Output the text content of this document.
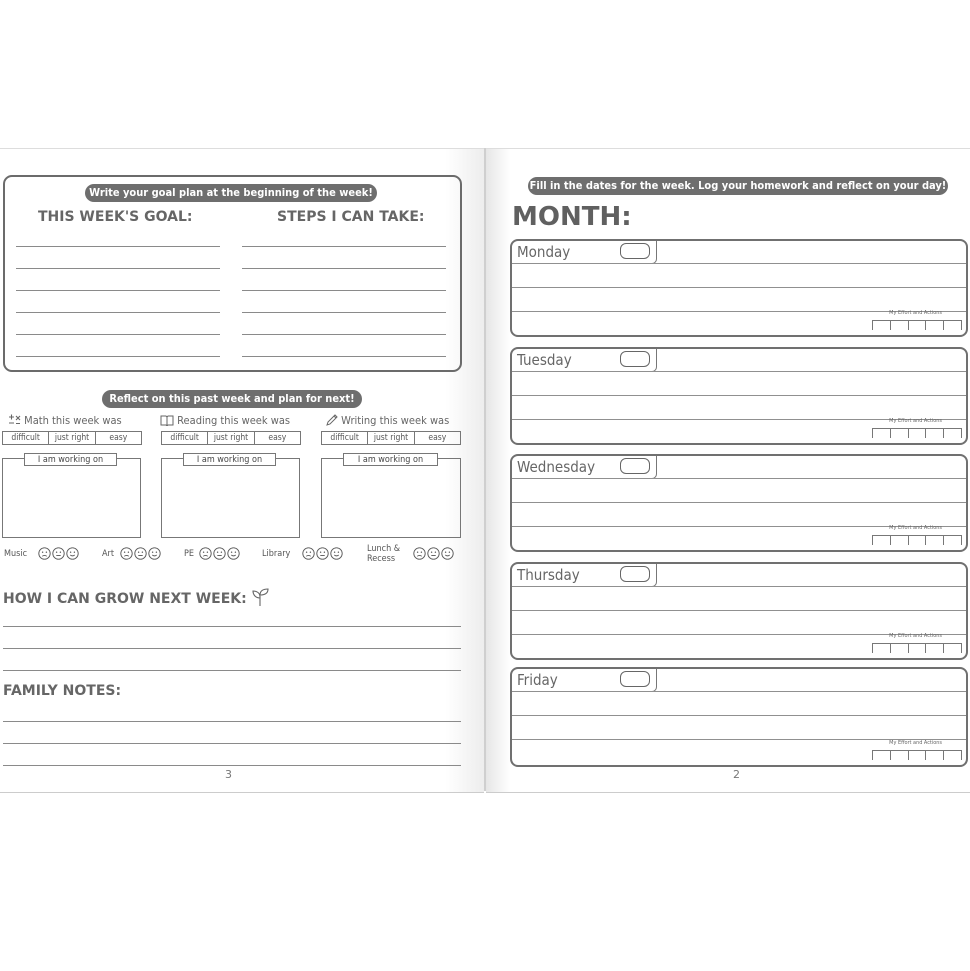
Write your goal plan at the beginning of the week!
THIS WEEK'S GOAL:	STEPS I CAN TAKE:
Reflect on this past week and plan for next!
Math this week was
difficult	just right	easy
I am working on
Reading this week was
difficult	just right	easy
I am working on
Writing this week was
difficult	just right	easy
I am working on
Music	Art	PE	Library	Lunch &
Recess
HOW I CAN GROW NEXT WEEK:
FAMILY NOTES:
3
Fill in the dates for the week. Log your homework and reflect on your day!
MONTH:
2
Monday
My Effort and Actions
Tuesday
My Effort and Actions
Wednesday
My Effort and Actions
Thursday
My Effort and Actions
Friday
My Effort and Actions
